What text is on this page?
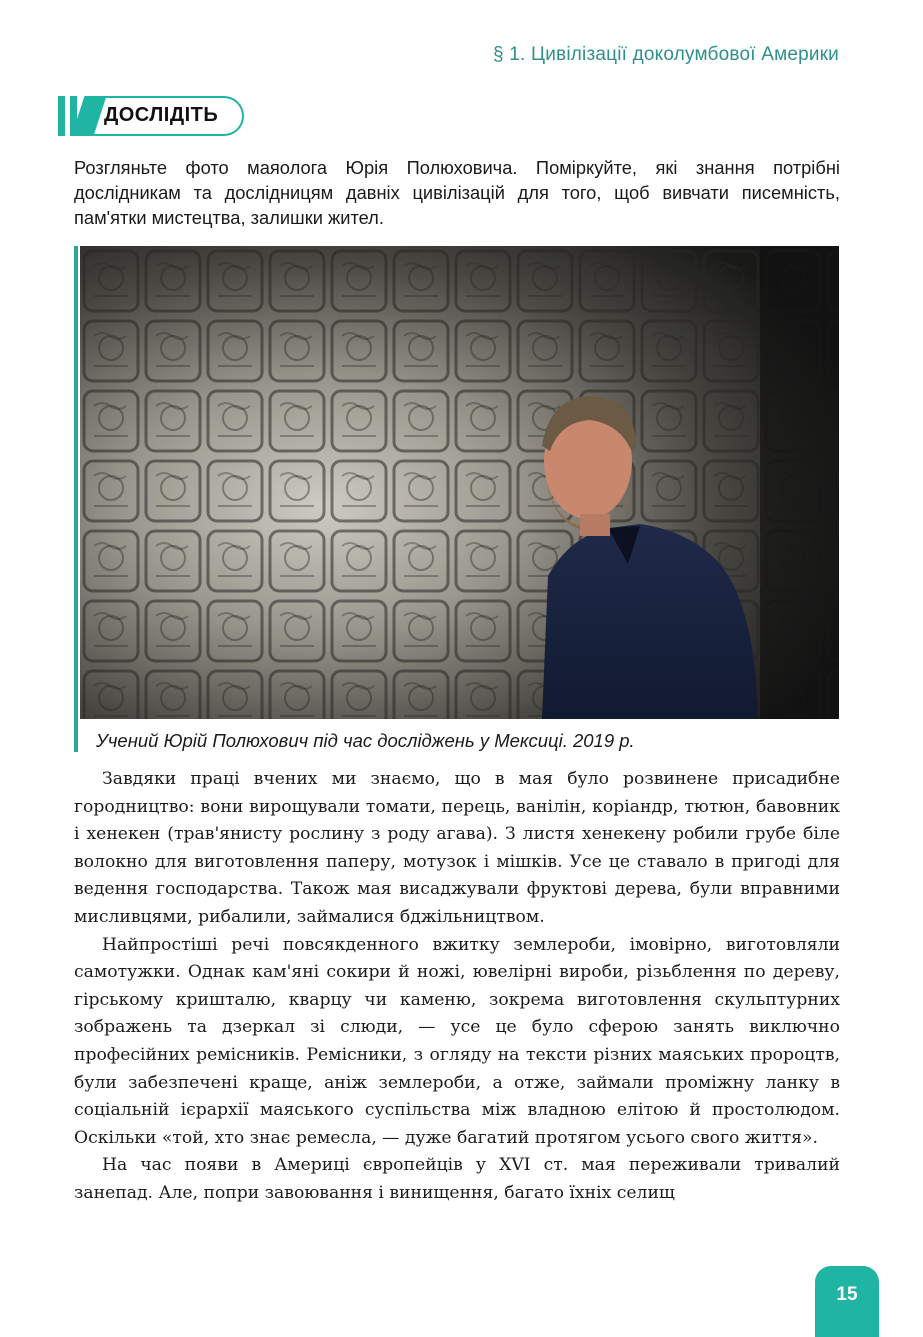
§ 1. Цивілізації доколумбової Америки
ДОСЛІДІТЬ
Розгляньте фото маяолога Юрія Полюховича. Поміркуйте, які знання потрібні дослідникам та дослідницям давніх цивілізацій для того, щоб вивчати писемність, пам'ятки мистецтва, залишки жител.
Учений Юрій Полюхович під час досліджень у Мексиці. 2019 р.

Завдяки праці вчених ми знаємо, що в мая було розвинене присадибне городництво: вони вирощували томати, перець, ванілін, коріандр, тютюн, бавовник і хенекен (трав'янисту рослину з роду агава). З листя хенекену робили грубе біле волокно для виготовлення паперу, мотузок і мішків. Усе це ставало в пригоді для ведення господарства. Також мая висаджували фруктові дерева, були вправними мисливцями, рибалили, займалися бджільництвом.

Найпростіші речі повсякденного вжитку землероби, імовірно, виготовляли самотужки. Однак кам'яні сокири й ножі, ювелірні вироби, різьблення по дереву, гірському кришталю, кварцу чи каменю, зокрема виготовлення скульптурних зображень та дзеркал зі слюди, — усе це було сферою занять виключно професійних ремісників. Ремісники, з огляду на тексти різних маяських пророцтв, були забезпечені краще, аніж землероби, а отже, займали проміжну ланку в соціальній ієрархії маяського суспільства між владною елітою й простолюдом. Оскільки «той, хто знає ремесла, — дуже багатий протягом усього свого життя».

На час появи в Америці європейців у XVI ст. мая переживали тривалий занепад. Але, попри завоювання і винищення, багато їхніх селищ

15
